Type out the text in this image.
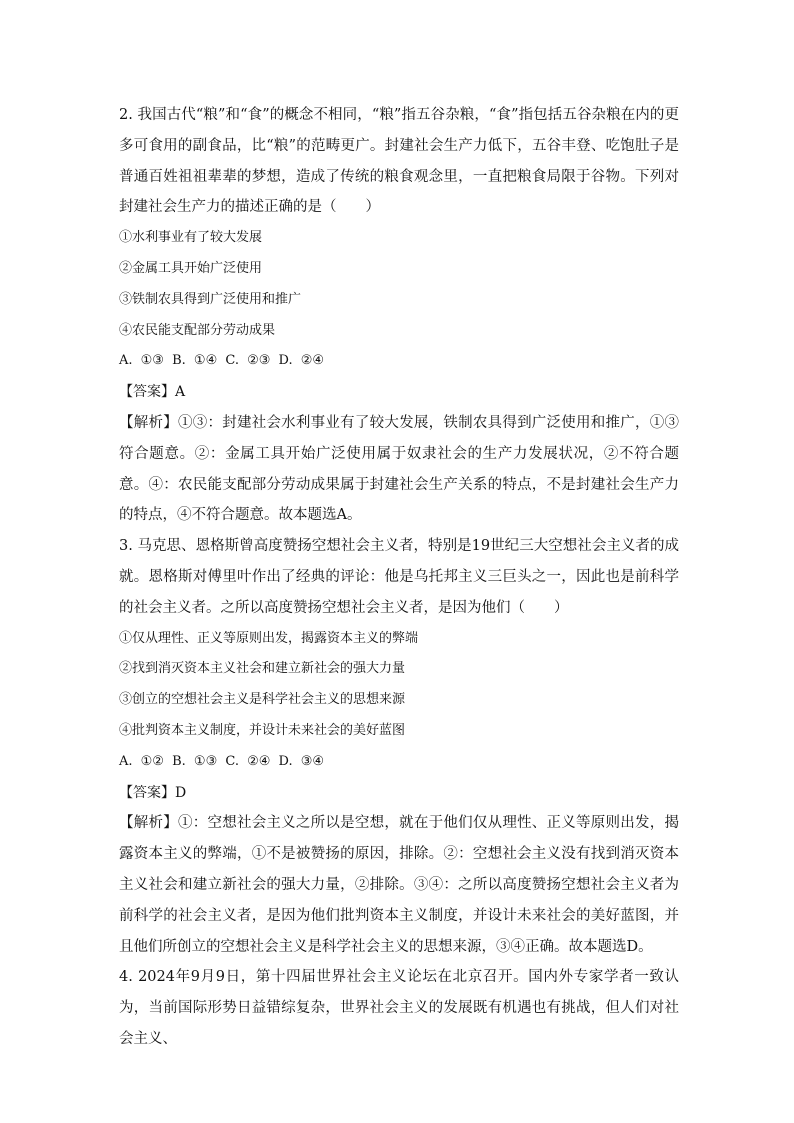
2. 我国古代“粮”和“食”的概念不相同，“粮”指五谷杂粮，“食”指包括五谷杂粮在内的更多可食用的副食品，比“粮”的范畴更广。封建社会生产力低下，五谷丰登、吃饱肚子是普通百姓祖祖辈辈的梦想，造成了传统的粮食观念里，一直把粮食局限于谷物。下列对封建社会生产力的描述正确的是（　　）

①水利事业有了较大发展

②金属工具开始广泛使用

③铁制农具得到广泛使用和推广

④农民能支配部分劳动成果

A. ①③ B. ①④ C. ②③ D. ②④

【答案】A

【解析】①③：封建社会水利事业有了较大发展，铁制农具得到广泛使用和推广，①③符合题意。②：金属工具开始广泛使用属于奴隶社会的生产力发展状况，②不符合题意。④：农民能支配部分劳动成果属于封建社会生产关系的特点，不是封建社会生产力的特点，④不符合题意。故本题选A。

3. 马克思、恩格斯曾高度赞扬空想社会主义者，特别是19世纪三大空想社会主义者的成就。恩格斯对傅里叶作出了经典的评论：他是乌托邦主义三巨头之一，因此也是前科学的社会主义者。之所以高度赞扬空想社会主义者，是因为他们（　　）

①仅从理性、正义等原则出发，揭露资本主义的弊端

②找到消灭资本主义社会和建立新社会的强大力量

③创立的空想社会主义是科学社会主义的思想来源

④批判资本主义制度，并设计未来社会的美好蓝图

A. ①② B. ①③ C. ②④ D. ③④

【答案】D

【解析】①：空想社会主义之所以是空想，就在于他们仅从理性、正义等原则出发，揭露资本主义的弊端，①不是被赞扬的原因，排除。②：空想社会主义没有找到消灭资本主义社会和建立新社会的强大力量，②排除。③④：之所以高度赞扬空想社会主义者为前科学的社会主义者，是因为他们批判资本主义制度，并设计未来社会的美好蓝图，并且他们所创立的空想社会主义是科学社会主义的思想来源，③④正确。故本题选D。

4. 2024年9月9日，第十四届世界社会主义论坛在北京召开。国内外专家学者一致认为，当前国际形势日益错综复杂，世界社会主义的发展既有机遇也有挑战，但人们对社会主义、
